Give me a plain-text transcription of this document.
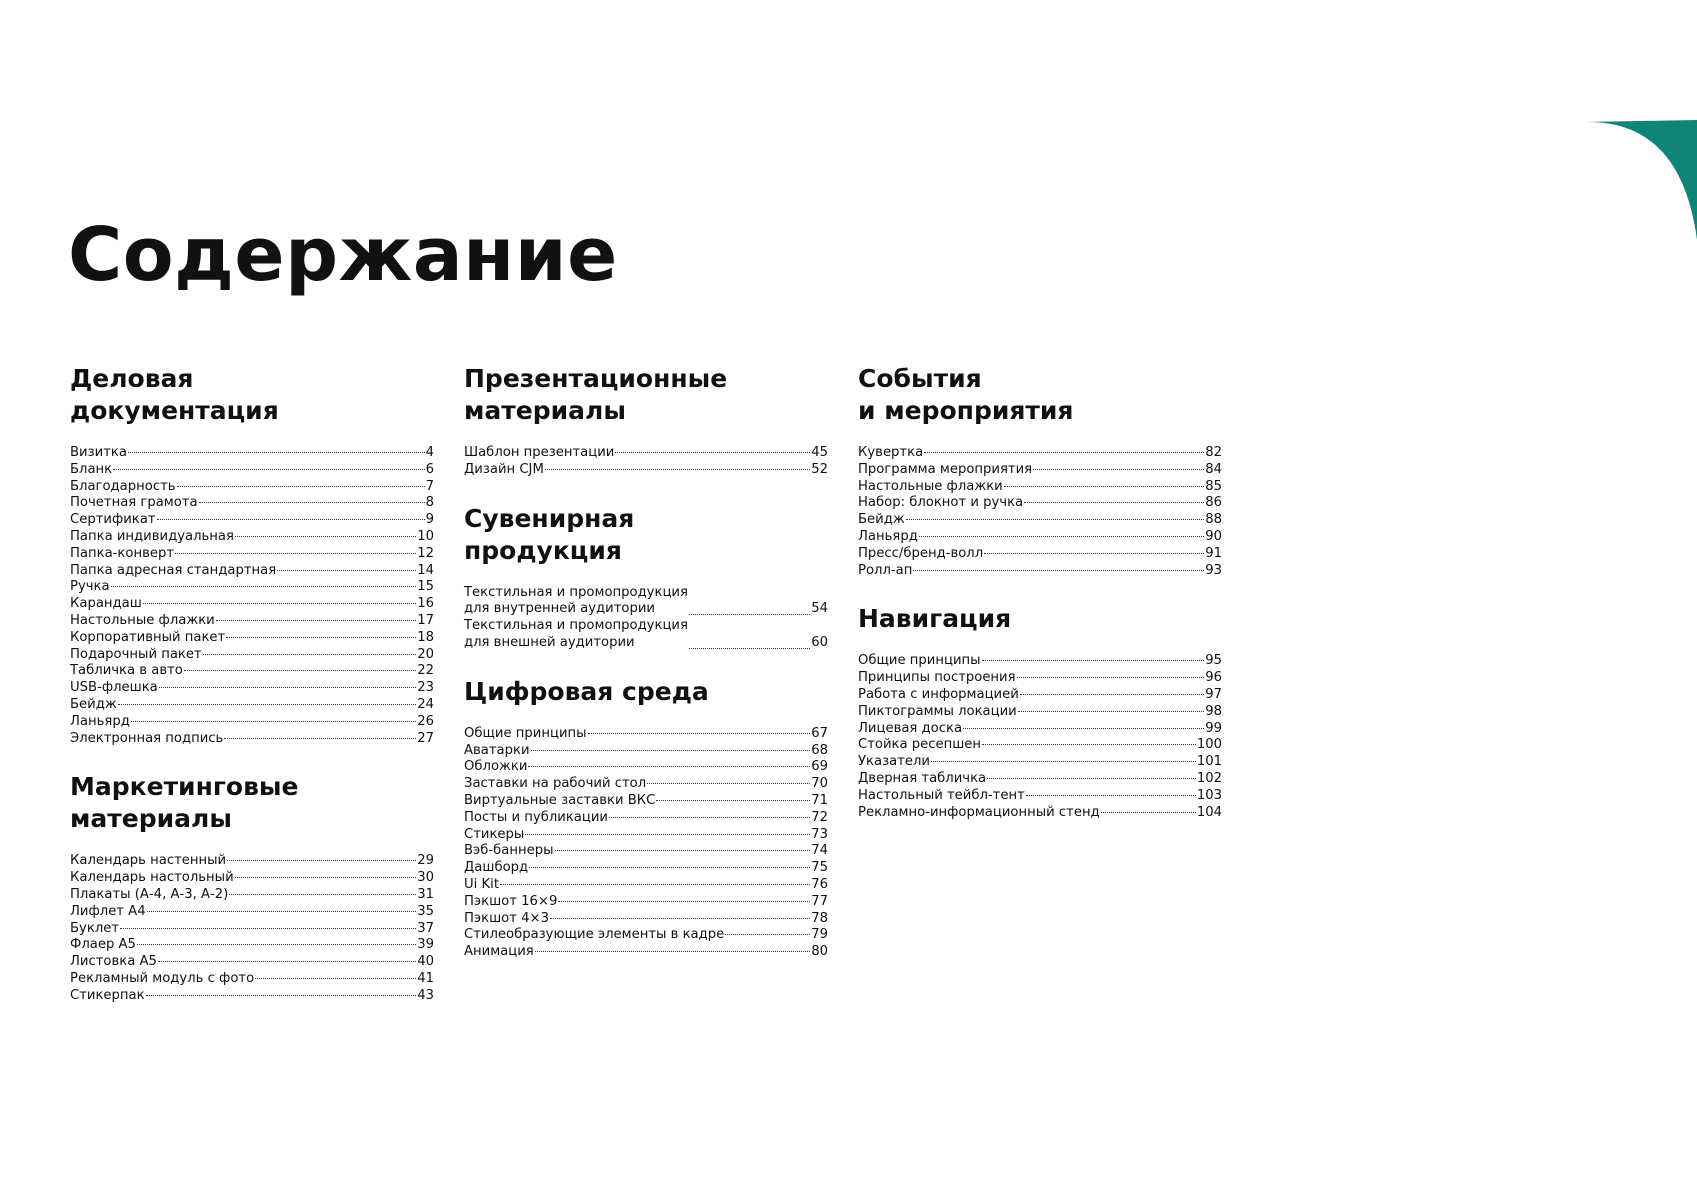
Содержание
Деловая
документация
Визитка	4
Бланк	6
Благодарность	7
Почетная грамота	8
Сертификат	9
Папка индивидуальная	10
Папка-конверт	12
Папка адресная стандартная	14
Ручка	15
Карандаш	16
Настольные флажки	17
Корпоративный пакет	18
Подарочный пакет	20
Табличка в авто	22
USB-флешка	23
Бейдж	24
Ланьярд	26
Электронная подпись	27
Маркетинговые
материалы
Календарь настенный	29
Календарь настольный	30
Плакаты (А-4, А-3, А-2)	31
Лифлет А4	35
Буклет	37
Флаер А5	39
Листовка А5	40
Рекламный модуль с фото	41
Стикерпак	43
Презентационные
материалы
Шаблон презентации	45
Дизайн CJM	52
Сувенирная
продукция
Текстильная и промопродукция
для внутренней аудитории	54
Текстильная и промопродукция
для внешней аудитории	60
Цифровая среда
Общие принципы	67
Аватарки	68
Обложки	69
Заставки на рабочий стол	70
Виртуальные заставки ВКС	71
Посты и публикации	72
Стикеры	73
Вэб-баннеры	74
Дашборд	75
Ui Kit	76
Пэкшот 16×9	77
Пэкшот 4×3	78
Стилеобразующие элементы в кадре	79
Анимация	80
События
и мероприятия
Кувертка	82
Программа мероприятия	84
Настольные флажки	85
Набор: блокнот и ручка	86
Бейдж	88
Ланьярд	90
Пресс/бренд-волл	91
Ролл-ап	93
Навигация
Общие принципы	95
Принципы построения	96
Работа с информацией	97
Пиктограммы локации	98
Лицевая доска	99
Стойка ресепшен	100
Указатели	101
Дверная табличка	102
Настольный тейбл-тент	103
Рекламно-информационный стенд	104
